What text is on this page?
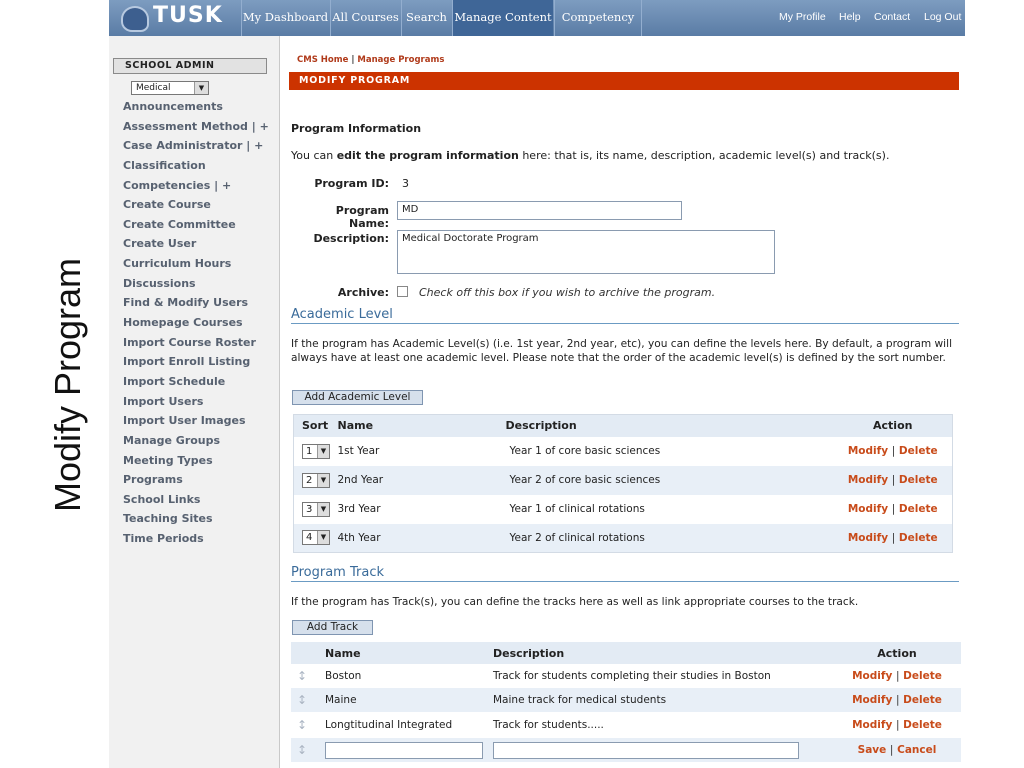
Modify Program
TUSK My Dashboard All Courses Search Manage Content Competency	My Profile Help Contact Log Out
SCHOOL ADMIN
Medical	▼
Announcements
Assessment Method | +
Case Administrator | +
Classification
Competencies | +
Create Course
Create Committee
Create User
Curriculum Hours
Discussions
Find & Modify Users
Homepage Courses
Import Course Roster
Import Enroll Listing
Import Schedule
Import Users
Import User Images
Manage Groups
Meeting Types
Programs
School Links
Teaching Sites
Time Periods
CMS Home | Manage Programs
MODIFY PROGRAM
Program Information
You can edit the program information here: that is, its name, description, academic level(s) and track(s).
Program ID: 3
Program Name:
MD
Description:	Medical Doctorate Program
Archive:	Check off this box if you wish to archive the program.
Academic Level
If the program has Academic Level(s) (i.e. 1st year, 2nd year, etc), you can define the levels here. By default, a program will always have at least one academic level. Please note that the order of the academic level(s) is defined by the sort number.
Add Academic Level
Sort	Name	Description	Action
1 ▼	1st Year	Year 1 of core basic sciences	Modify | Delete
2 ▼	2nd Year	Year 2 of core basic sciences	Modify | Delete
3 ▼	3rd Year	Year 1 of clinical rotations	Modify | Delete
4 ▼	4th Year	Year 2 of clinical rotations	Modify | Delete
Program Track
If the program has Track(s), you can define the tracks here as well as link appropriate courses to the track.
Add Track
	Name	Description	Action
↕	Boston	Track for students completing their studies in Boston	Modify | Delete
↕	Maine	Maine track for medical students	Modify | Delete
↕	Longtitudinal Integrated	Track for students.....	Modify | Delete
↕			Save | Cancel
